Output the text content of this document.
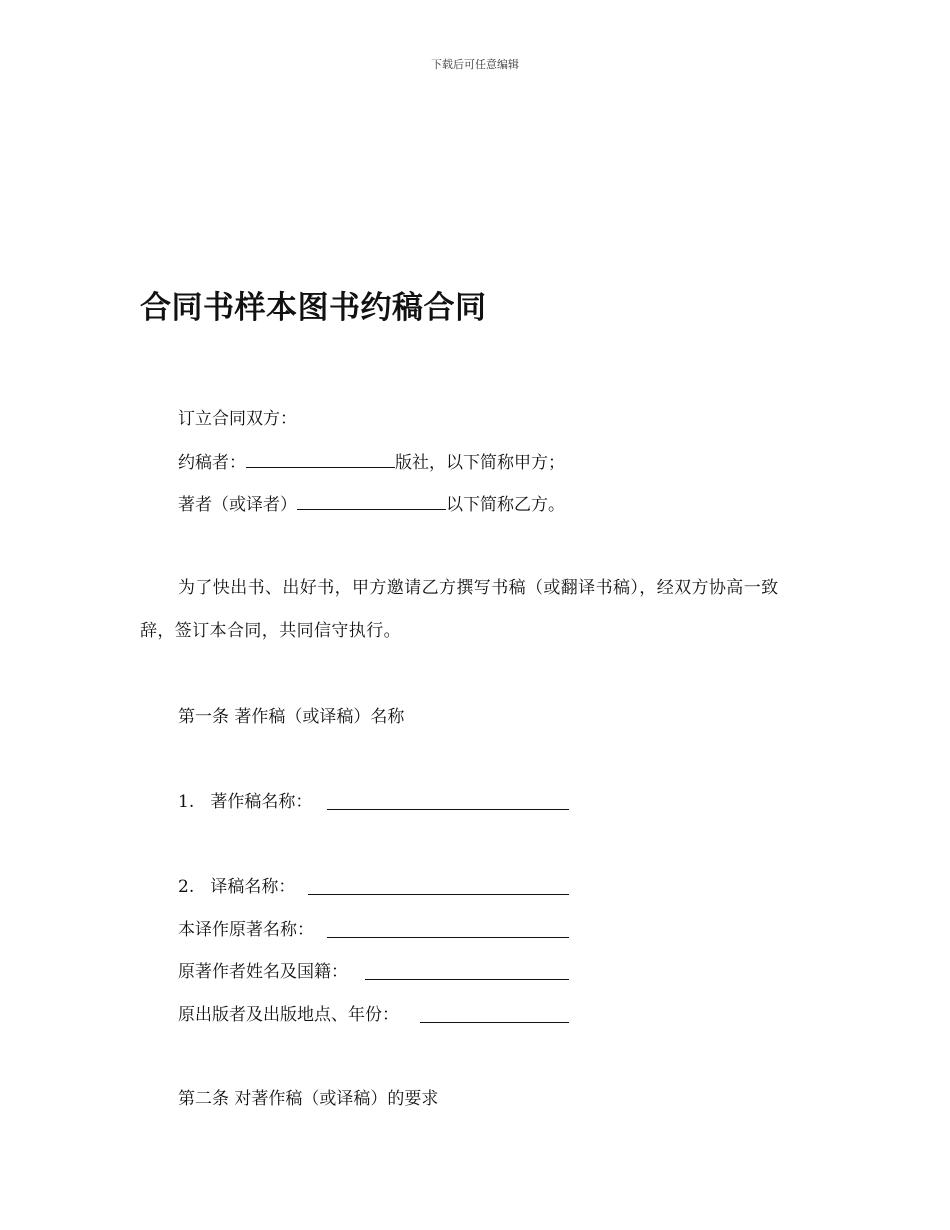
下载后可任意编辑
合同书样本图书约稿合同
订立合同双方：
约稿者：	版社，以下简称甲方；
著者（或译者）	以下简称乙方。

为了快出书、出好书，甲方邀请乙方撰写书稿（或翻译书稿），经双方协高一致辞，签订本合同，共同信守执行。

第一条 著作稿（或译稿）名称
1.   著作稿名称：
2.   译稿名称：
本译作原著名称：
原著作者姓名及国籍：
原出版者及出版地点、年份：
第二条 对著作稿（或译稿）的要求
